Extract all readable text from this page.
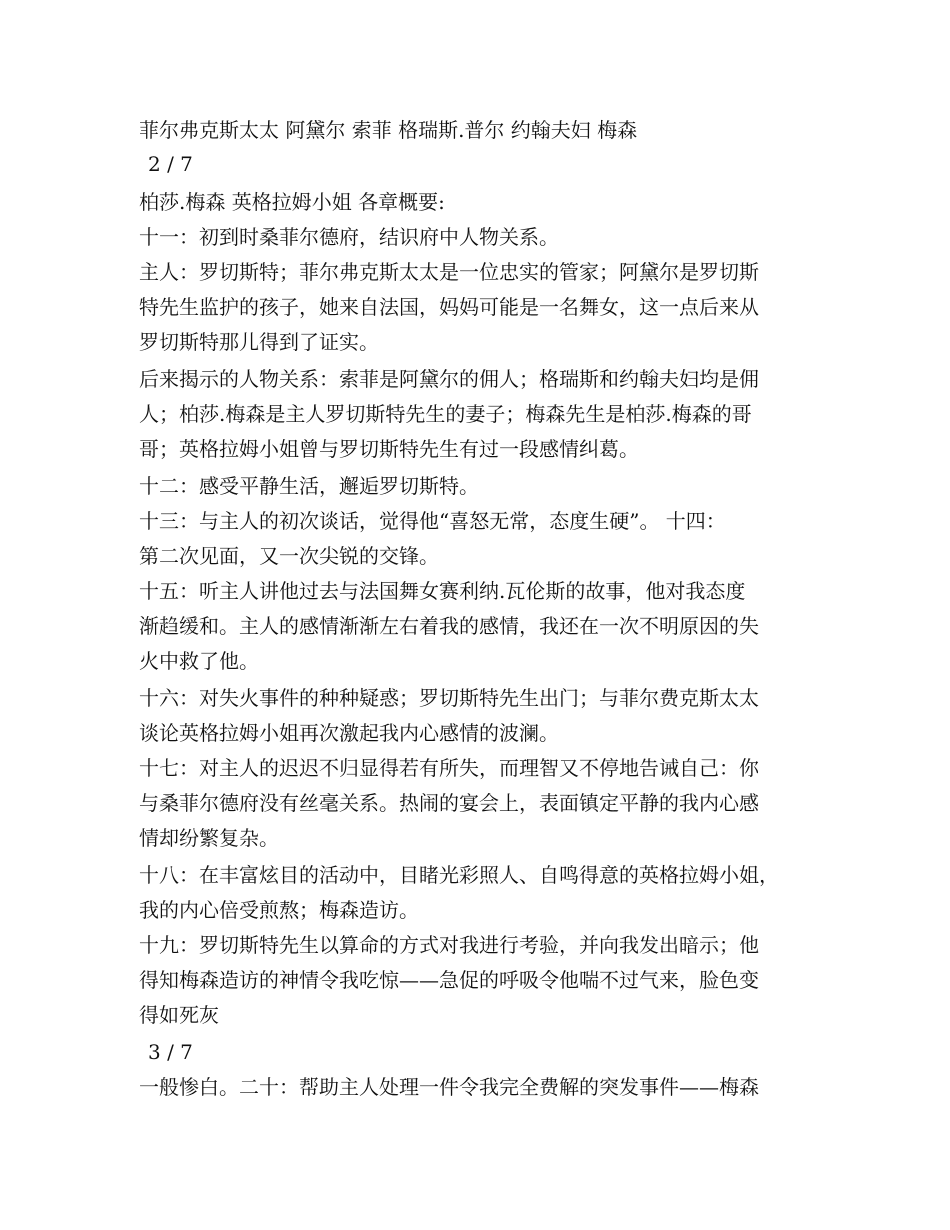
菲尔弗克斯太太 阿黛尔 索菲 格瑞斯.普尔 约翰夫妇 梅森
2 / 7
柏莎.梅森 英格拉姆小姐 各章概要:
十一：初到时桑菲尔德府，结识府中人物关系。
主人：罗切斯特；菲尔弗克斯太太是一位忠实的管家；阿黛尔是罗切斯
特先生监护的孩子，她来自法国，妈妈可能是一名舞女，这一点后来从
罗切斯特那儿得到了证实。
后来揭示的人物关系：索菲是阿黛尔的佣人；格瑞斯和约翰夫妇均是佣
人；柏莎.梅森是主人罗切斯特先生的妻子；梅森先生是柏莎.梅森的哥
哥；英格拉姆小姐曾与罗切斯特先生有过一段感情纠葛。
十二：感受平静生活，邂逅罗切斯特。
十三：与主人的初次谈话，觉得他“喜怒无常，态度生硬”。 十四：
第二次见面，又一次尖锐的交锋。
十五：听主人讲他过去与法国舞女赛利纳.瓦伦斯的故事，他对我态度
渐趋缓和。主人的感情渐渐左右着我的感情，我还在一次不明原因的失
火中救了他。
十六：对失火事件的种种疑惑；罗切斯特先生出门；与菲尔费克斯太太
谈论英格拉姆小姐再次激起我内心感情的波澜。
十七：对主人的迟迟不归显得若有所失，而理智又不停地告诫自己：你
与桑菲尔德府没有丝毫关系。热闹的宴会上，表面镇定平静的我内心感
情却纷繁复杂。
十八：在丰富炫目的活动中，目睹光彩照人、自鸣得意的英格拉姆小姐，
我的内心倍受煎熬；梅森造访。
十九：罗切斯特先生以算命的方式对我进行考验，并向我发出暗示；他
得知梅森造访的神情令我吃惊——急促的呼吸令他喘不过气来，脸色变
得如死灰
3 / 7
一般惨白。二十：帮助主人处理一件令我完全费解的突发事件——梅森
